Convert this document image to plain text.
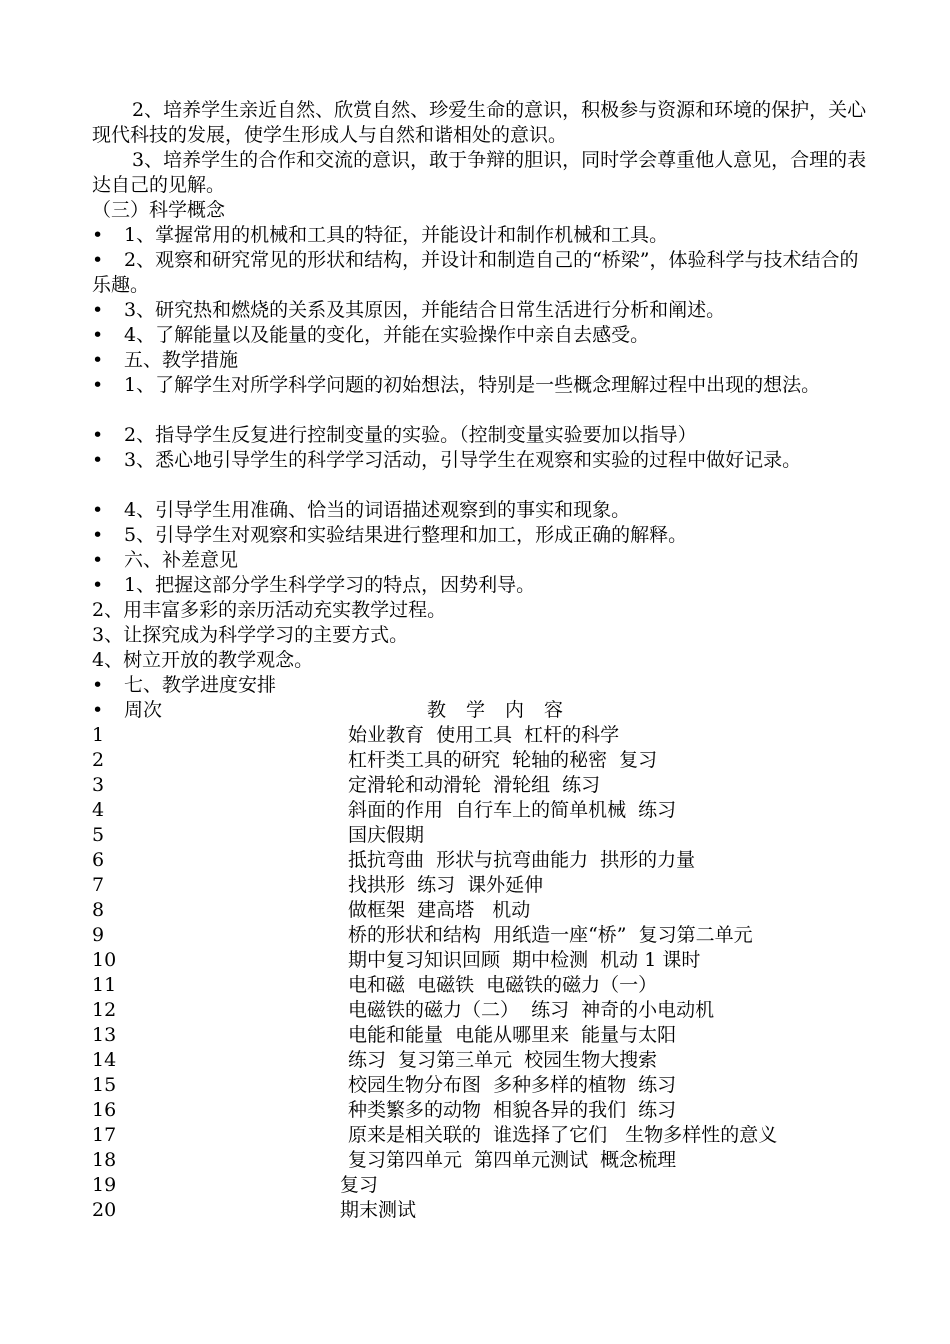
2、培养学生亲近自然、欣赏自然、珍爱生命的意识，积极参与资源和环境的保护，关心现代科技的发展，使学生形成人与自然和谐相处的意识。

3、培养学生的合作和交流的意识，敢于争辩的胆识，同时学会尊重他人意见，合理的表达自己的见解。

（三）科学概念
• 1、掌握常用的机械和工具的特征，并能设计和制作机械和工具。
• 2、观察和研究常见的形状和结构，并设计和制造自己的“桥梁”，体验科学与技术结合的乐趣。
• 3、研究热和燃烧的关系及其原因，并能结合日常生活进行分析和阐述。
• 4、了解能量以及能量的变化，并能在实验操作中亲自去感受。
• 五、教学措施
• 1、了解学生对所学科学问题的初始想法，特别是一些概念理解过程中出现的想法。
• 2、指导学生反复进行控制变量的实验。（控制变量实验要加以指导）
• 3、悉心地引导学生的科学学习活动，引导学生在观察和实验的过程中做好记录。
• 4、引导学生用准确、恰当的词语描述观察到的事实和现象。
• 5、引导学生对观察和实验结果进行整理和加工，形成正确的解释。
• 六、补差意见
• 1、把握这部分学生科学学习的特点，因势利导。
2、用丰富多彩的亲历活动充实教学过程。
3、让探究成为科学学习的主要方式。
4、树立开放的教学观念。
• 七、教学进度安排
• 周次	教学内容
1	始业教育  使用工具  杠杆的科学
2	杠杆类工具的研究  轮轴的秘密  复习
3	定滑轮和动滑轮  滑轮组  练习
4	斜面的作用  自行车上的简单机械  练习
5	国庆假期
6	抵抗弯曲  形状与抗弯曲能力  拱形的力量
7	找拱形  练习  课外延伸
8	做框架  建高塔   机动
9	桥的形状和结构  用纸造一座“桥”  复习第二单元
10	期中复习知识回顾  期中检测  机动 1 课时
11	电和磁  电磁铁  电磁铁的磁力（一）
12	电磁铁的磁力（二）  练习  神奇的小电动机
13	电能和能量  电能从哪里来  能量与太阳
14	练习  复习第三单元  校园生物大搜索
15	校园生物分布图  多种多样的植物  练习
16	种类繁多的动物  相貌各异的我们  练习
17	原来是相关联的  谁选择了它们   生物多样性的意义
18	复习第四单元  第四单元测试  概念梳理
19	复习
20	期末测试
